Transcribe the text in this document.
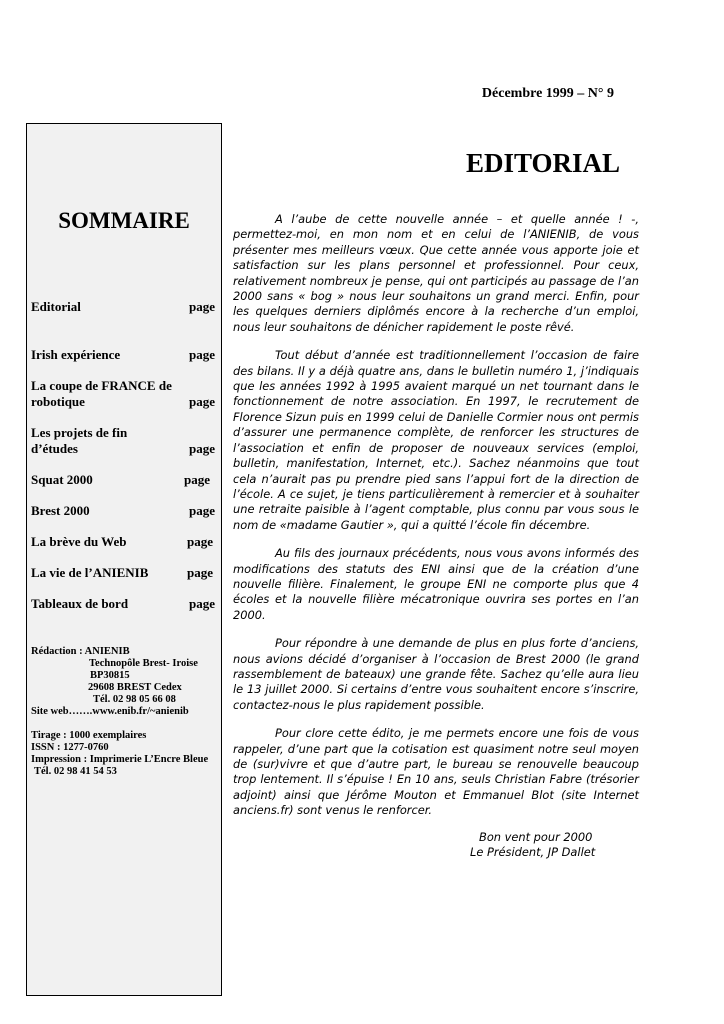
Décembre 1999 – N° 9
SOMMAIRE
Editorial	page
Irish expérience	page
La coupe de FRANCE de
robotique	page
Les projets de fin
d’études	page
Squat 2000	page
Brest 2000	page
La brève du Web	page
La vie de l’ANIENIB	page
Tableaux de bord	page
Rédaction : ANIENIB
Technopôle Brest- Iroise
BP30815
29608 BREST Cedex
Tél. 02 98 05 66 08
Site web…….www.enib.fr/~anienib
Tirage : 1000 exemplaires
ISSN : 1277-0760
Impression : Imprimerie L’Encre Bleue
Tél. 02 98 41 54 53
EDITORIAL

A l’aube de cette nouvelle année – et quelle année ! -, permettez-moi, en mon nom et en celui de l’ANIENIB, de vous présenter mes meilleurs vœux. Que cette année vous apporte joie et satisfaction sur les plans personnel et professionnel. Pour ceux, relativement nombreux je pense, qui ont participés au passage de l’an 2000 sans « bog » nous leur souhaitons un grand merci. Enfin, pour les quelques derniers diplômés encore à la recherche d’un emploi, nous leur souhaitons de dénicher rapidement le poste rêvé.

Tout début d’année est traditionnellement l’occasion de faire des bilans. Il y a déjà quatre ans, dans le bulletin numéro 1, j’indiquais que les années 1992 à 1995 avaient marqué un net tournant dans le fonctionnement de notre association. En 1997, le recrutement de Florence Sizun puis en 1999 celui de Danielle Cormier nous ont permis d’assurer une permanence complète, de renforcer les structures de l’association et enfin de proposer de nouveaux services (emploi, bulletin, manifestation, Internet, etc.). Sachez néanmoins que tout cela n’aurait pas pu prendre pied sans l’appui fort de la direction de l’école. A ce sujet, je tiens particulièrement à remercier et à souhaiter une retraite paisible à l’agent comptable, plus connu par vous sous le nom de «madame Gautier », qui a quitté l’école fin décembre.

Au fils des journaux précédents, nous vous avons informés des modifications des statuts des ENI ainsi que de la création d’une nouvelle filière. Finalement, le groupe ENI ne comporte plus que 4 écoles et la nouvelle filière mécatronique ouvrira ses portes en l’an 2000.

Pour répondre à une demande de plus en plus forte d’anciens, nous avions décidé d’organiser à l’occasion de Brest 2000 (le grand rassemblement de bateaux) une grande fête. Sachez qu’elle aura lieu le 13 juillet 2000. Si certains d’entre vous souhaitent encore s’inscrire, contactez-nous le plus rapidement possible.

Pour clore cette édito, je me permets encore une fois de vous rappeler, d’une part que la cotisation est quasiment notre seul moyen de (sur)vivre et que d’autre part, le bureau se renouvelle beaucoup trop lentement. Il s’épuise ! En 10 ans, seuls Christian Fabre (trésorier adjoint) ainsi que Jérôme Mouton et Emmanuel Blot (site Internet anciens.fr) sont venus le renforcer.

Bon vent pour 2000
Le Président, JP Dallet
